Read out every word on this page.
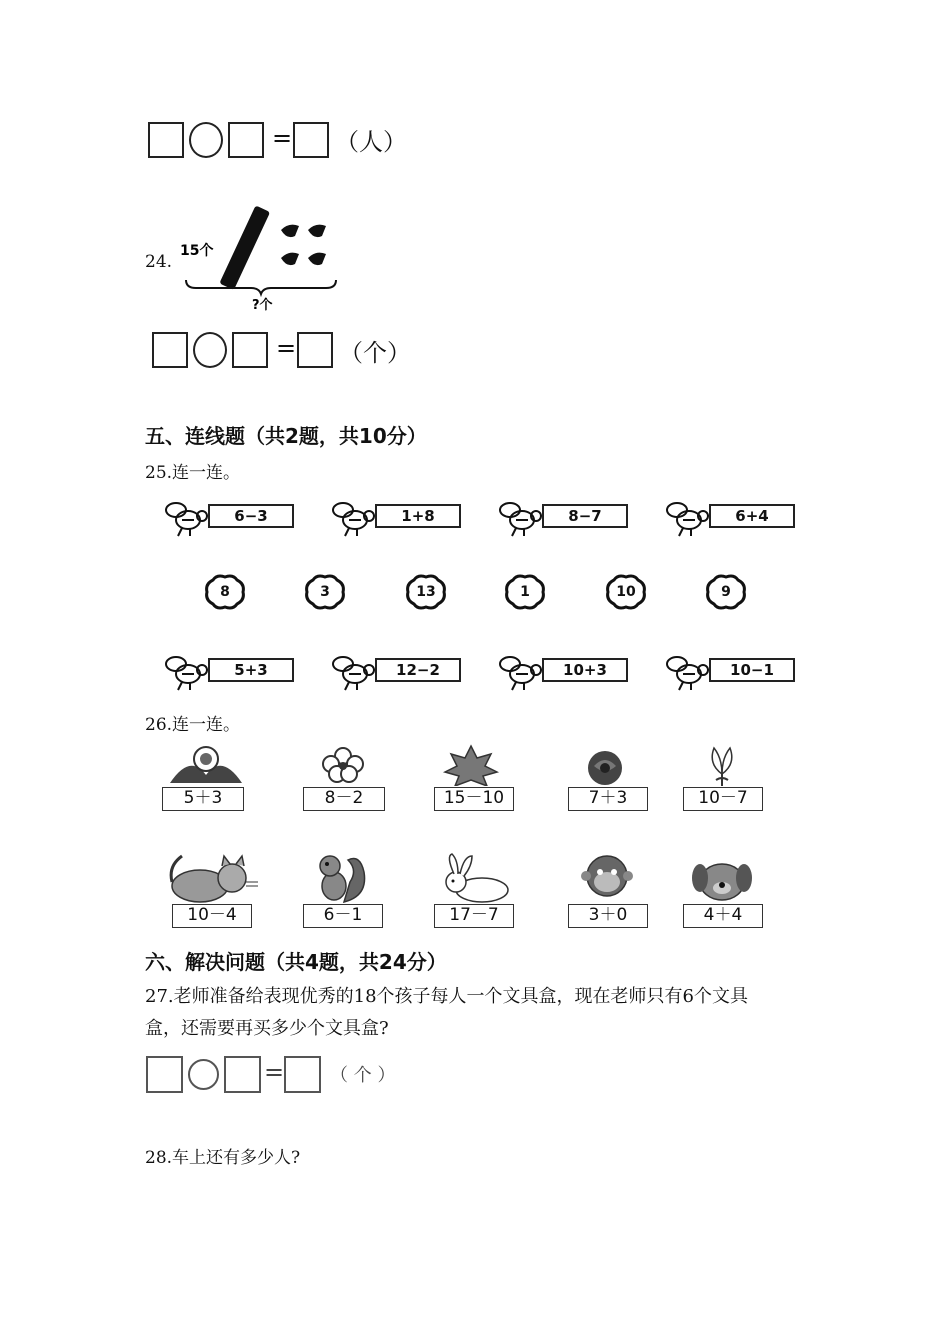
= （人）
24.
15个
?个
= （个）
五、连线题（共2题，共10分）
25.连一连。
6−3	1+8	8−7	6+4
8	3	13	1	10	9
5+3	12−2	10+3	10−1
26.连一连。
5＋3	8－2	15－10	7＋3	10－7
10－4	6－1	17－7	3＋0	4＋4
六、解决问题（共4题，共24分）
27.老师准备给表现优秀的18个孩子每人一个文具盒，现在老师只有6个文具
盒，还需要再买多少个文具盒?
=	（ 个 ）
28.车上还有多少人?
